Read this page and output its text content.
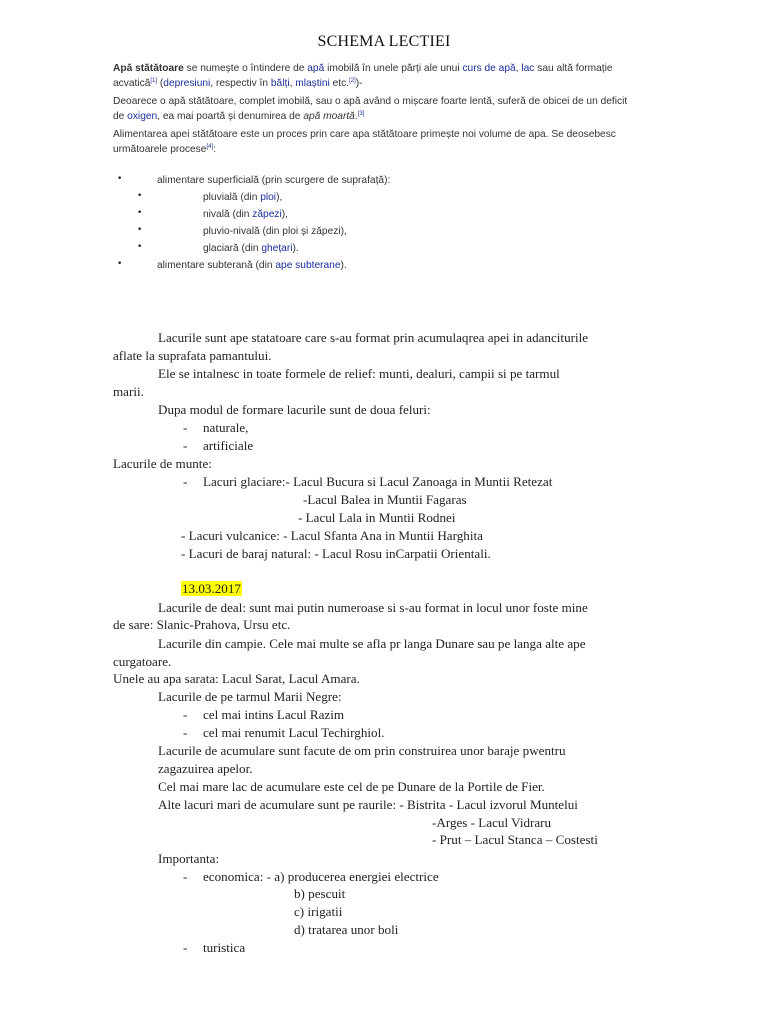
SCHEMA LECTIEI
Apă stătătoare se numește o întindere de apă imobilă în unele părți ale unui curs de apă, lac sau altă formație
acvatică[1] (depresiuni, respectiv în bălți, mlaștini etc.[2])-
Deoarece o apă stătătoare, complet imobilă, sau o apă având o mișcare foarte lentă, suferă de obicei de un deficit
de oxigen, ea mai poartă și denumirea de apă moartă.[3]
Alimentarea apei stătătoare este un proces prin care apa stătătoare primește noi volume de apa. Se deosebesc
următoarele procese[4]:
•	alimentare superficială (prin scurgere de suprafață):
•	pluvială (din ploi),
•	nivală (din zăpezi),
•	pluvio-nivală (din ploi și zăpezi),
•	glaciară (din ghețari).
•	alimentare subterană (din ape subterane).
Lacurile sunt ape statatoare care s-au format prin acumulaqrea apei in adanciturile
aflate la suprafata pamantului.
Ele se intalnesc in toate formele de relief: munti, dealuri, campii si pe tarmul
marii.
Dupa modul de formare lacurile sunt de doua feluri:
- naturale,
- artificiale
Lacurile de munte:
- Lacuri glaciare:- Lacul Bucura si Lacul Zanoaga in Muntii Retezat
-Lacul Balea in Muntii Fagaras
- Lacul Lala in Muntii Rodnei
- Lacuri vulcanice: - Lacul Sfanta Ana in Muntii Harghita
- Lacuri de baraj natural: - Lacul Rosu inCarpatii Orientali.
13.03.2017
Lacurile de deal: sunt mai putin numeroase si s-au format in locul unor foste mine
de sare: Slanic-Prahova, Ursu etc.
Lacurile din campie. Cele mai multe se afla pr langa Dunare sau pe langa alte ape
curgatoare.
Unele au apa sarata: Lacul Sarat, Lacul Amara.
Lacurile de pe tarmul Marii Negre:
- cel mai intins Lacul Razim
- cel mai renumit Lacul Techirghiol.
Lacurile de acumulare sunt facute de om prin construirea unor baraje pwentru
zagazuirea apelor.
Cel mai mare lac de acumulare este cel de pe Dunare de la Portile de Fier.
Alte lacuri mari de acumulare sunt pe raurile: - Bistrita - Lacul izvorul Muntelui
-Arges - Lacul Vidraru
- Prut – Lacul Stanca – Costesti
Importanta:
- economica: - a) producerea energiei electrice
b) pescuit
c) irigatii
d) tratarea unor boli
- turistica
